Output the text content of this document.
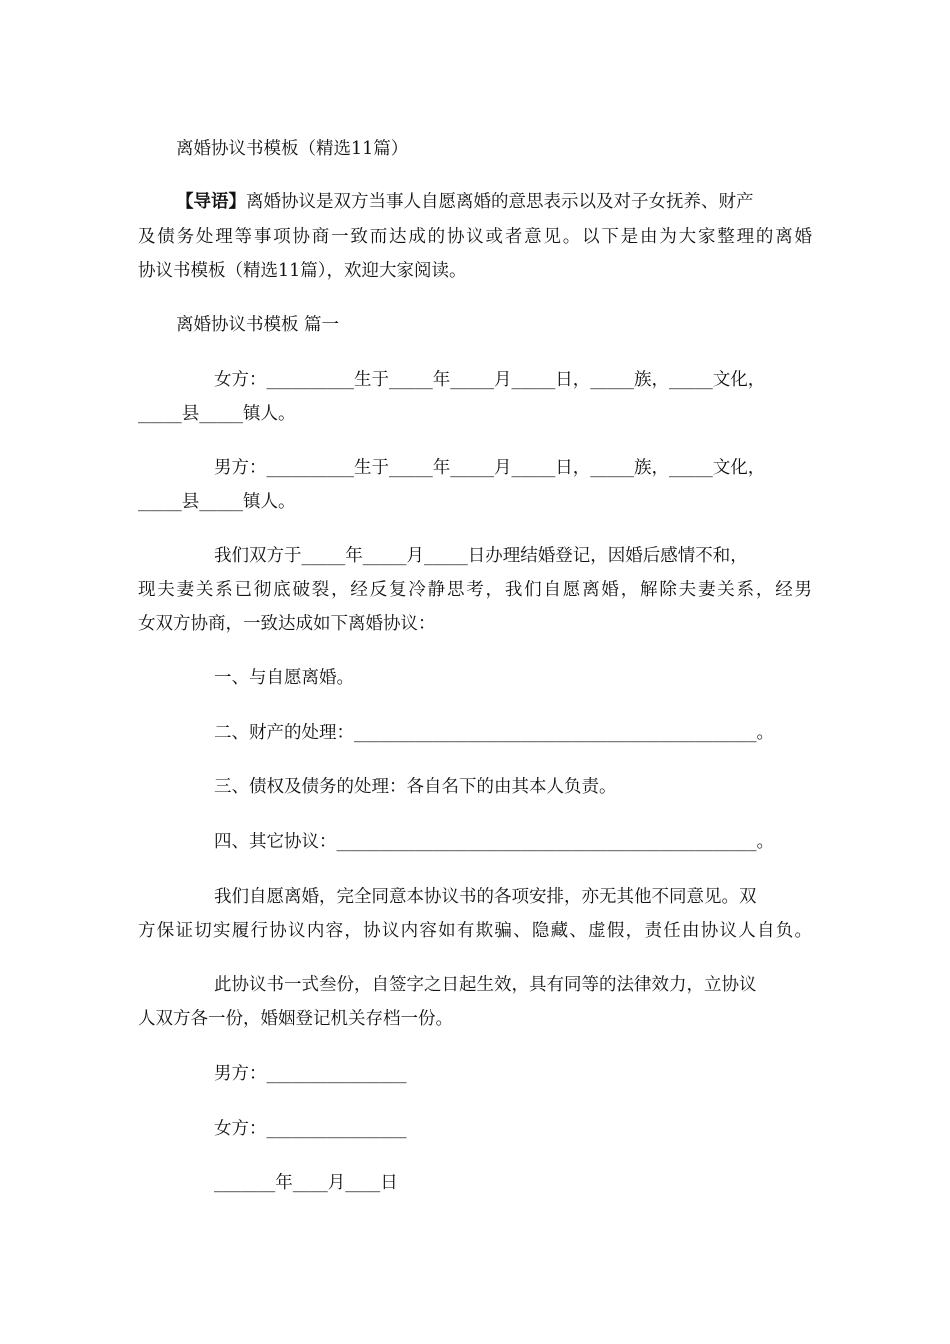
离婚协议书模板（精选11篇）

【导语】离婚协议是双方当事人自愿离婚的意思表示以及对子女抚养、财产

及债务处理等事项协商一致而达成的协议或者意见。以下是由为大家整理的离婚

协议书模板（精选11篇），欢迎大家阅读。

离婚协议书模板 篇一

女方：__________生于_____年_____月_____日，_____族，_____文化，

_____县_____镇人。

男方：__________生于_____年_____月_____日，_____族，_____文化，

_____县_____镇人。

我们双方于_____年_____月_____日办理结婚登记，因婚后感情不和，

现夫妻关系已彻底破裂，经反复冷静思考，我们自愿离婚，解除夫妻关系，经男

女双方协商，一致达成如下离婚协议：

一、与自愿离婚。

二、财产的处理：______________________________________________。

三、债权及债务的处理：各自名下的由其本人负责。

四、其它协议：________________________________________________。

我们自愿离婚，完全同意本协议书的各项安排，亦无其他不同意见。双

方保证切实履行协议内容，协议内容如有欺骗、隐藏、虚假，责任由协议人自负。

此协议书一式叁份，自签字之日起生效，具有同等的法律效力，立协议

人双方各一份，婚姻登记机关存档一份。

男方：________________

女方：________________

_______年____月____日
